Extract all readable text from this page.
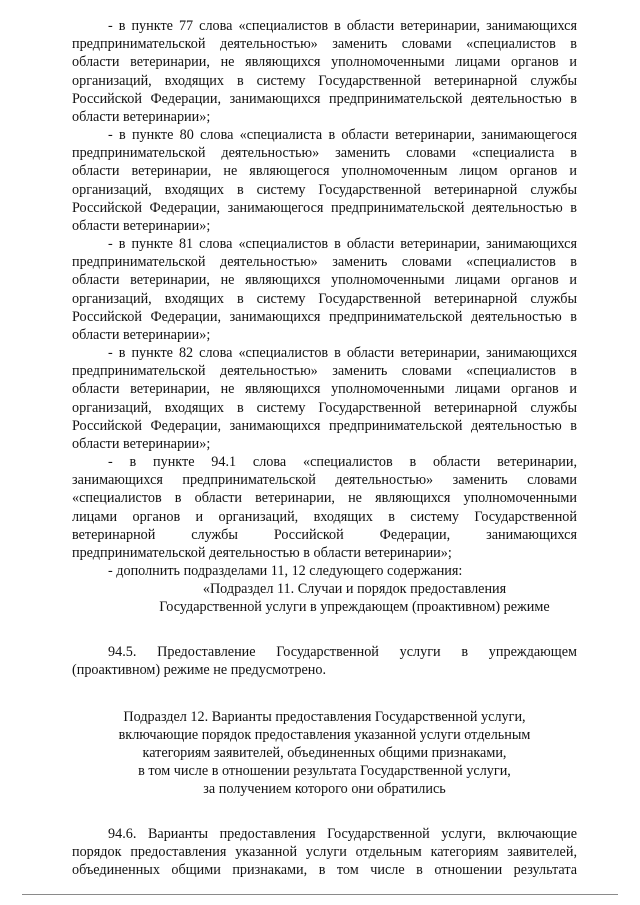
- в пункте 77 слова «специалистов в области ветеринарии, занимающихся
предпринимательской деятельностью» заменить словами «специалистов в
области ветеринарии, не являющихся уполномоченными лицами органов и
организаций, входящих в систему Государственной ветеринарной службы
Российской Федерации, занимающихся предпринимательской деятельностью в
области ветеринарии»;
- в пункте 80 слова «специалиста в области ветеринарии, занимающегося
предпринимательской деятельностью» заменить словами «специалиста в
области ветеринарии, не являющегося уполномоченным лицом органов и
организаций, входящих в систему Государственной ветеринарной службы
Российской Федерации, занимающегося предпринимательской деятельностью в
области ветеринарии»;
- в пункте 81 слова «специалистов в области ветеринарии, занимающихся
предпринимательской деятельностью» заменить словами «специалистов в
области ветеринарии, не являющихся уполномоченными лицами органов и
организаций, входящих в систему Государственной ветеринарной службы
Российской Федерации, занимающихся предпринимательской деятельностью в
области ветеринарии»;
- в пункте 82 слова «специалистов в области ветеринарии, занимающихся
предпринимательской деятельностью» заменить словами «специалистов в
области ветеринарии, не являющихся уполномоченными лицами органов и
организаций, входящих в систему Государственной ветеринарной службы
Российской Федерации, занимающихся предпринимательской деятельностью в
области ветеринарии»;
- в пункте 94.1 слова «специалистов в области ветеринарии,
занимающихся предпринимательской деятельностью» заменить словами
«специалистов в области ветеринарии, не являющихся уполномоченными
лицами органов и организаций, входящих в систему Государственной
ветеринарной службы Российской Федерации, занимающихся
предпринимательской деятельностью в области ветеринарии»;
- дополнить подразделами 11, 12 следующего содержания:
«Подраздел 11. Случаи и порядок предоставления
Государственной услуги в упреждающем (проактивном) режиме
94.5. Предоставление Государственной услуги в упреждающем
(проактивном) режиме не предусмотрено.
Подраздел 12. Варианты предоставления Государственной услуги,
включающие порядок предоставления указанной услуги отдельным
категориям заявителей, объединенных общими признаками,
в том числе в отношении результата Государственной услуги,
за получением которого они обратились
94.6. Варианты предоставления Государственной услуги, включающие
порядок предоставления указанной услуги отдельным категориям заявителей,
объединенных общими признаками, в том числе в отношении результата
